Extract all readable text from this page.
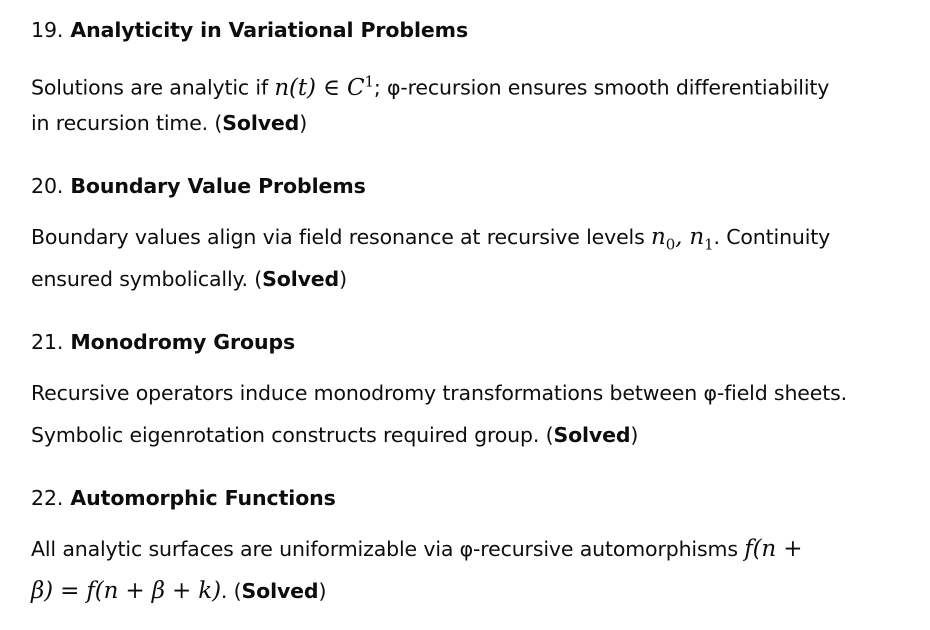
19. Analyticity in Variational Problems

Solutions are analytic if n(t) ∈ $C^1$; φ-recursion ensures smooth differentiability

in recursion time. (Solved)

20. Boundary Value Problems

Boundary values align via field resonance at recursive levels $n_0$, $n_1$. Continuity

ensured symbolically. (Solved)

21. Monodromy Groups

Recursive operators induce monodromy transformations between φ-field sheets.

Symbolic eigenrotation constructs required group. (Solved)

22. Automorphic Functions

All analytic surfaces are uniformizable via φ-recursive automorphisms f(n +

β) = f(n + β + k). (Solved)
